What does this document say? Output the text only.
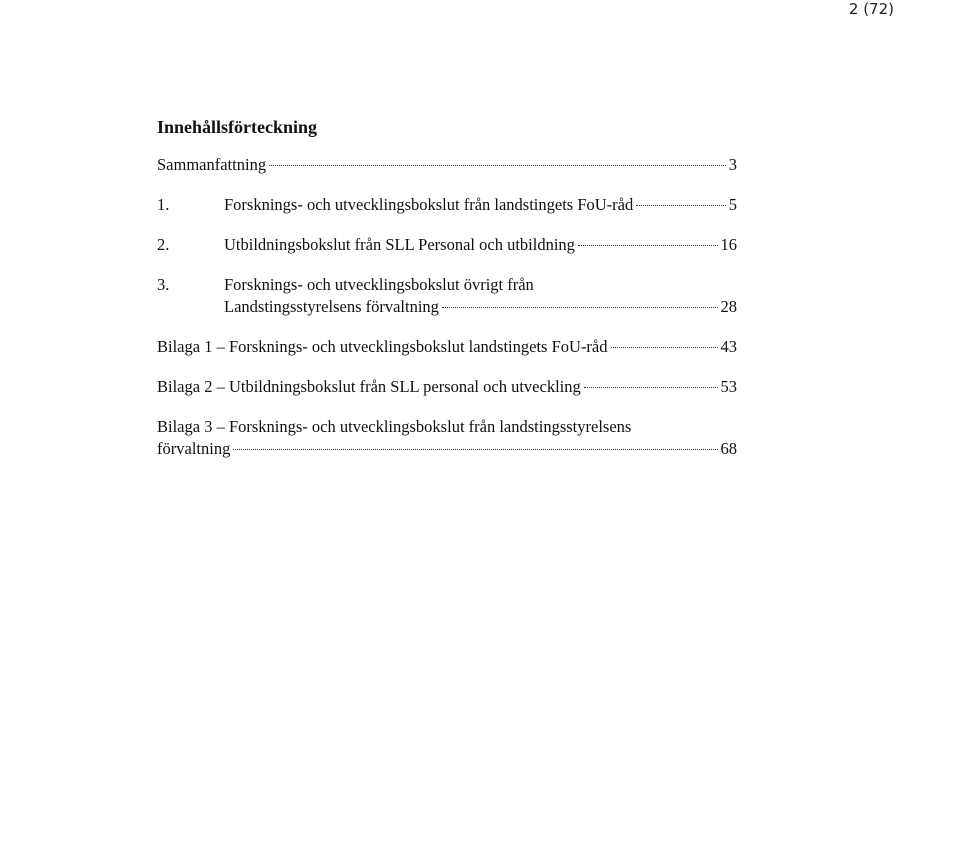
2 (72)
Innehållsförteckning
Sammanfattning	3
1.	Forsknings- och utvecklingsbokslut från landstingets FoU-råd	5
2.	Utbildningsbokslut från SLL Personal och utbildning	16
3.	Forsknings- och utvecklingsbokslut övrigt från
Landstingsstyrelsens förvaltning	28
Bilaga 1 – Forsknings- och utvecklingsbokslut landstingets FoU-råd	43
Bilaga 2 – Utbildningsbokslut från SLL personal och utveckling	53
Bilaga 3 – Forsknings- och utvecklingsbokslut från landstingsstyrelsens
förvaltning	68
